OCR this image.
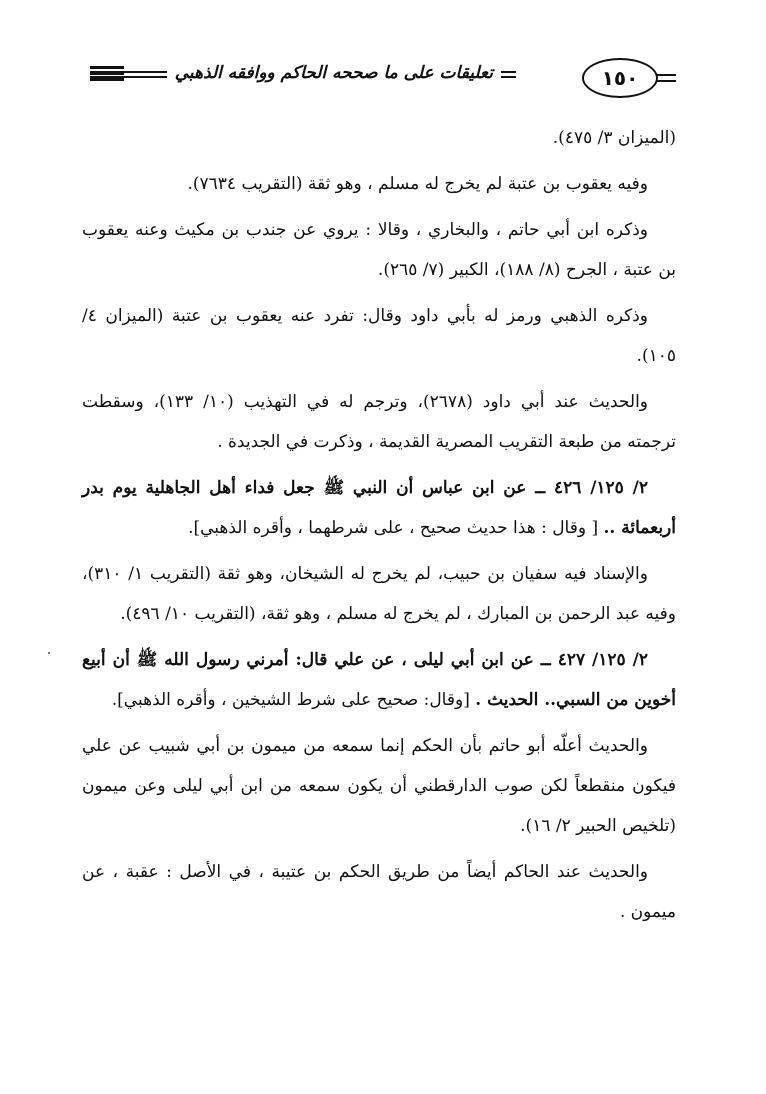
تعليقات على ما صححه الحاكم ووافقه الذهبي	١٥٠

(الميزان ٣/ ٤٧٥).

وفيه يعقوب بن عتبة لم يخرج له مسلم ، وهو ثقة (التقريب ٧٦٣٤).

وذكره ابن أبي حاتم ، والبخاري ، وقالا : يروي عن جندب بن مكيث وعنه يعقوب بن عتبة ، الجرح (٨/ ١٨٨)، الكبير (٧/ ٢٦٥).

وذكره الذهبي ورمز له بأبي داود وقال: تفرد عنه يعقوب بن عتبة (الميزان ٤/ ١٠٥).

والحديث عند أبي داود (٢٦٧٨)، وترجم له في التهذيب (١٠/ ١٣٣)، وسقطت ترجمته من طبعة التقريب المصرية القديمة ، وذكرت في الجديدة .

٢/ ١٢٥/ ٤٢٦ ــ عن ابن عباس أن النبي ﷺ جعل فداء أهل الجاهلية يوم بدر أربعمائة .. [ وقال : هذا حديث صحيح ، على شرطهما ، وأقره الذهبي].

والإسناد فيه سفيان بن حبيب، لم يخرج له الشيخان، وهو ثقة (التقريب ١/ ٣١٠)، وفيه عبد الرحمن بن المبارك ، لم يخرج له مسلم ، وهو ثقة، (التقريب ١٠/ ٤٩٦).

٢/ ١٢٥/ ٤٢٧ ــ عن ابن أبي ليلى ، عن علي قال: أمرني رسول الله ﷺ أن أبيع أخوين من السبي.. الحديث . [وقال: صحيح على شرط الشيخين ، وأقره الذهبي].

والحديث أعلّه أبو حاتم بأن الحكم إنما سمعه من ميمون بن أبي شبيب عن علي فيكون منقطعاً لكن صوب الدارقطني أن يكون سمعه من ابن أبي ليلى وعن ميمون (تلخيص الحبير ٢/ ١٦).

والحديث عند الحاكم أيضاً من طريق الحكم بن عتيبة ، في الأصل : عقبة ، عن ميمون .
